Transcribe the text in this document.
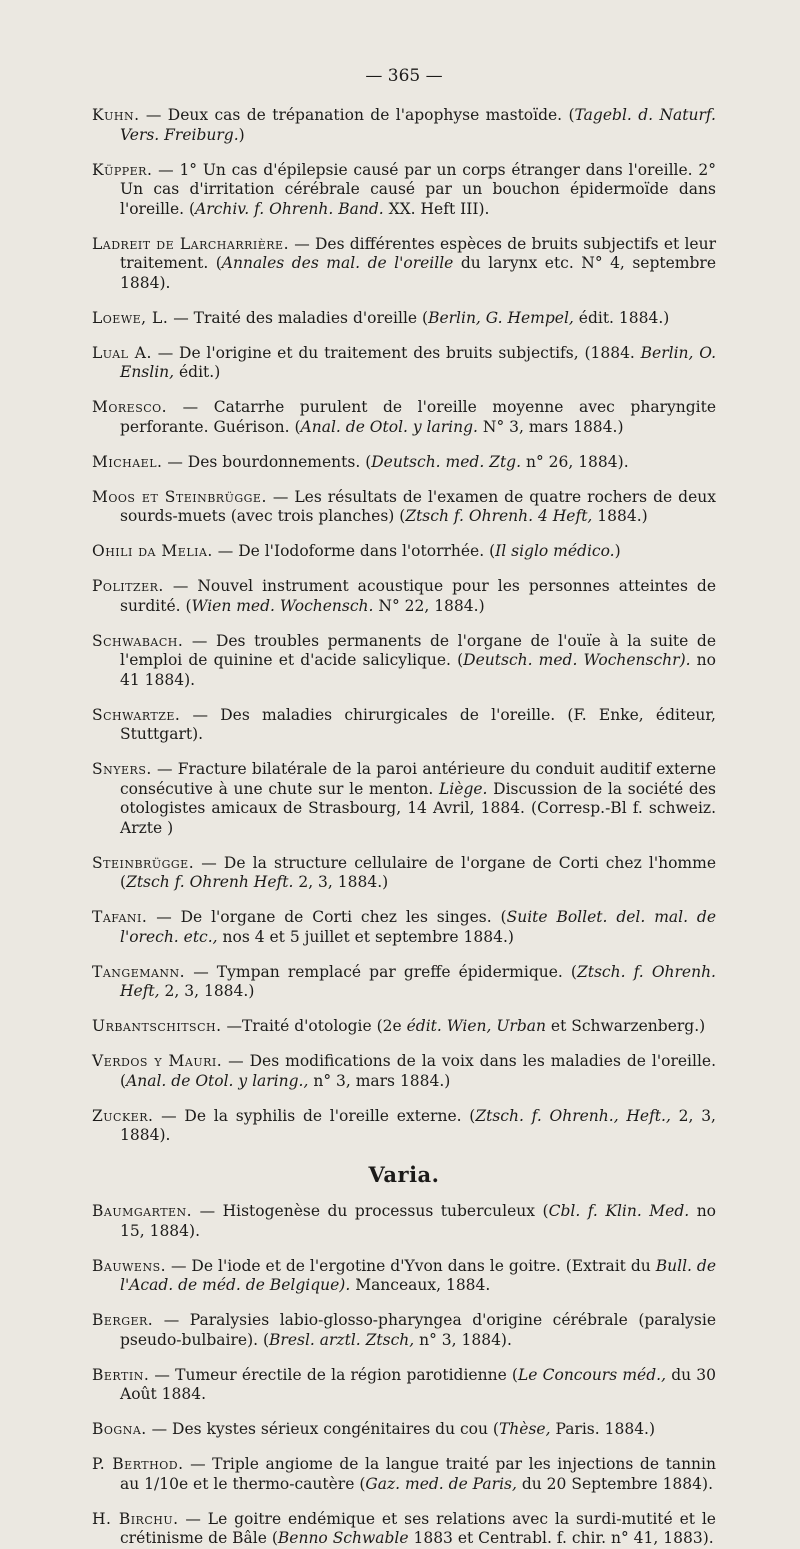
— 365 —

Kuhn. — Deux cas de trépanation de l'apophyse mastoïde. (Tagebl. d. Naturf. Vers. Freiburg.)

Küpper. — 1° Un cas d'épilepsie causé par un corps étranger dans l'oreille. 2° Un cas d'irritation cérébrale causé par un bouchon épidermoïde dans l'oreille. (Archiv. f. Ohrenh. Band. XX. Heft III).

Ladreit de Larcharrière. — Des différentes espèces de bruits subjectifs et leur traitement. (Annales des mal. de l'oreille du larynx etc. N° 4, septembre 1884).

Loewe, L. — Traité des maladies d'oreille (Berlin, G. Hempel, édit. 1884.)

Lual A. — De l'origine et du traitement des bruits subjectifs, (1884. Berlin, O. Enslin, édit.)

Moresco. — Catarrhe purulent de l'oreille moyenne avec pharyngite perforante. Guérison. (Anal. de Otol. y laring. N° 3, mars 1884.)

Michael. — Des bourdonnements. (Deutsch. med. Ztg. n° 26, 1884).

Moos et Steinbrügge. — Les résultats de l'examen de quatre rochers de deux sourds-muets (avec trois planches) (Ztsch f. Ohrenh. 4 Heft, 1884.)

Ohili da Melia. — De l'Iodoforme dans l'otorrhée. (Il siglo médico.)

Politzer. — Nouvel instrument acoustique pour les personnes atteintes de surdité. (Wien med. Wochensch. N° 22, 1884.)

Schwabach. — Des troubles permanents de l'organe de l'ouïe à la suite de l'emploi de quinine et d'acide salicylique. (Deutsch. med. Wochenschr). no 41 1884).

Schwartze. — Des maladies chirurgicales de l'oreille. (F. Enke, éditeur, Stuttgart).

Snyers. — Fracture bilatérale de la paroi antérieure du conduit auditif externe consécutive à une chute sur le menton. Liège. Discussion de la société des otologistes amicaux de Strasbourg, 14 Avril, 1884. (Corresp.-Bl f. schweiz. Arzte )

Steinbrügge. — De la structure cellulaire de l'organe de Corti chez l'homme (Ztsch f. Ohrenh Heft. 2, 3, 1884.)

Tafani. — De l'organe de Corti chez les singes. (Suite Bollet. del. mal. de l'orech. etc., nos 4 et 5 juillet et septembre 1884.)

Tangemann. — Tympan remplacé par greffe épidermique. (Ztsch. f. Ohrenh. Heft, 2, 3, 1884.)

Urbantschitsch. —Traité d'otologie (2e édit. Wien, Urban et Schwarzenberg.)

Verdos y Mauri. — Des modifications de la voix dans les maladies de l'oreille. (Anal. de Otol. y laring., n° 3, mars 1884.)

Zucker. — De la syphilis de l'oreille externe. (Ztsch. f. Ohrenh., Heft., 2, 3, 1884).

Varia.

Baumgarten. — Histogenèse du processus tuberculeux (Cbl. f. Klin. Med. no 15, 1884).

Bauwens. — De l'iode et de l'ergotine d'Yvon dans le goitre. (Extrait du Bull. de l'Acad. de méd. de Belgique). Manceaux, 1884.

Berger. — Paralysies labio-glosso-pharyngea d'origine cérébrale (paralysie pseudo-bulbaire). (Bresl. arztl. Ztsch, n° 3, 1884).

Bertin. — Tumeur érectile de la région parotidienne (Le Concours méd., du 30 Août 1884.

Bogna. — Des kystes sérieux congénitaires du cou (Thèse, Paris. 1884.)

P. Berthod. — Triple angiome de la langue traité par les injections de tannin au 1/10e et le thermo-cautère (Gaz. med. de Paris, du 20 Septembre 1884).

H. Birchu. — Le goitre endémique et ses relations avec la surdi-mutité et le crétinisme de Bâle (Benno Schwable 1883 et Centrabl. f. chir. n° 41, 1883).
